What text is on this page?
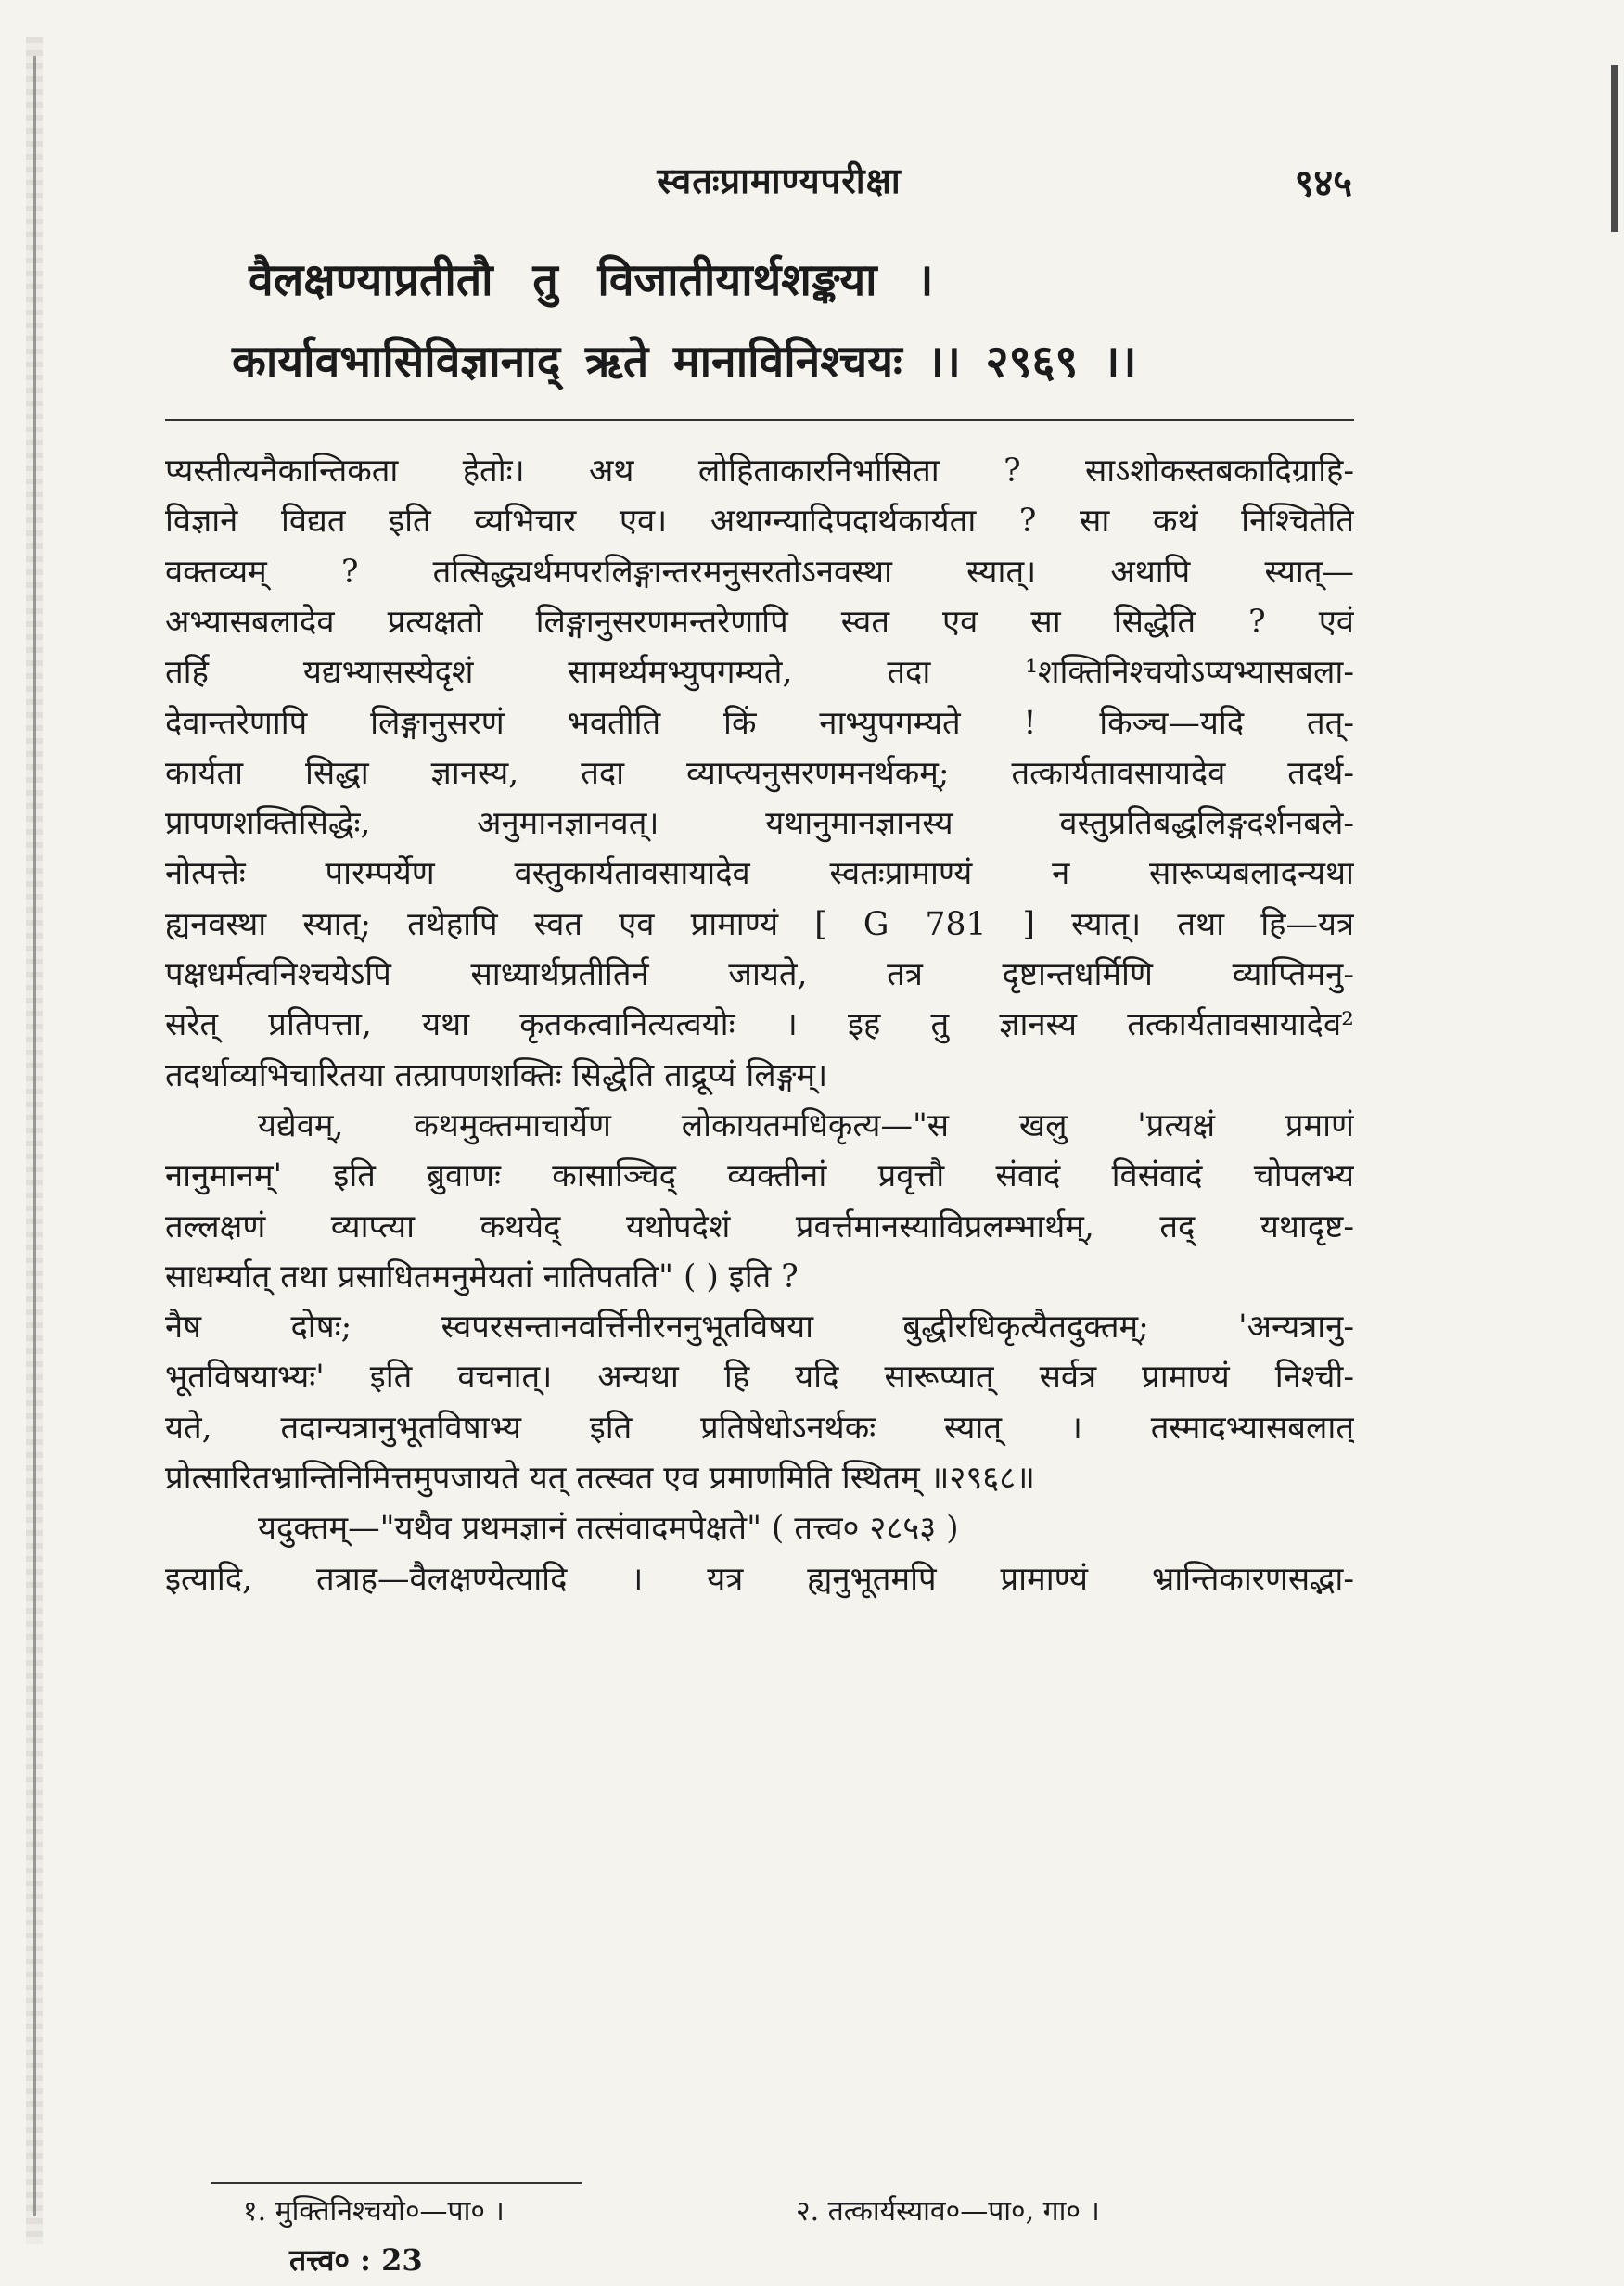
स्वतःप्रामाण्यपरीक्षा	९४५
वैलक्षण्याप्रतीतौ तु विजातीयार्थशङ्कया ।
कार्यावभासिविज्ञानाद् ऋते मानाविनिश्चयः ।। २९६९ ।।
प्यस्तीत्यनैकान्तिकता हेतोः। अथ लोहिताकारनिर्भासिता ? साऽशोकस्तबकादिग्राहि-
विज्ञाने विद्यत इति व्यभिचार एव। अथाग्न्यादिपदार्थकार्यता ? सा कथं निश्चितेति
वक्तव्यम् ? तत्सिद्ध्यर्थमपरलिङ्गान्तरमनुसरतोऽनवस्था स्यात्। अथापि स्यात्—
अभ्यासबलादेव प्रत्यक्षतो लिङ्गानुसरणमन्तरेणापि स्वत एव सा सिद्धेति ? एवं
तर्हि यद्यभ्यासस्येदृशं सामर्थ्यमभ्युपगम्यते, तदा ¹शक्तिनिश्चयोऽप्यभ्यासबला-
देवान्तरेणापि लिङ्गानुसरणं भवतीति किं नाभ्युपगम्यते ! किञ्च—यदि तत्-
कार्यता सिद्धा ज्ञानस्य, तदा व्याप्त्यनुसरणमनर्थकम्; तत्कार्यतावसायादेव तदर्थ-
प्रापणशक्तिसिद्धेः, अनुमानज्ञानवत्। यथानुमानज्ञानस्य वस्तुप्रतिबद्धलिङ्गदर्शनबले-
नोत्पत्तेः पारम्पर्येण वस्तुकार्यतावसायादेव स्वतःप्रामाण्यं न सारूप्यबलादन्यथा
ह्यनवस्था स्यात्; तथेहापि स्वत एव प्रामाण्यं [ G 781 ] स्यात्। तथा हि—यत्र
पक्षधर्मत्वनिश्चयेऽपि साध्यार्थप्रतीतिर्न जायते, तत्र दृष्टान्तधर्मिणि व्याप्तिमनु-
सरेत् प्रतिपत्ता, यथा कृतकत्वानित्यत्वयोः । इह तु ज्ञानस्य तत्कार्यतावसायादेव²
तदर्थाव्यभिचारितया तत्प्रापणशक्तिः सिद्धेति ताद्रूप्यं लिङ्गम्।
यद्येवम्, कथमुक्तमाचार्येण लोकायतमधिकृत्य—"स खलु 'प्रत्यक्षं प्रमाणं
नानुमानम्' इति ब्रुवाणः कासाञ्चिद् व्यक्तीनां प्रवृत्तौ संवादं विसंवादं चोपलभ्य
तल्लक्षणं व्याप्त्या कथयेद् यथोपदेशं प्रवर्त्तमानस्याविप्रलम्भार्थम्, तद् यथादृष्ट-
साधर्म्यात् तथा प्रसाधितमनुमेयतां नातिपतति" ( ) इति ?
नैष दोषः; स्वपरसन्तानवर्त्तिनीरननुभूतविषया बुद्धीरधिकृत्यैतदुक्तम्; 'अन्यत्रानु-
भूतविषयाभ्यः' इति वचनात्। अन्यथा हि यदि सारूप्यात् सर्वत्र प्रामाण्यं निश्ची-
यते, तदान्यत्रानुभूतविषाभ्य इति प्रतिषेधोऽनर्थकः स्यात् । तस्मादभ्यासबलात्
प्रोत्सारितभ्रान्तिनिमित्तमुपजायते यत् तत्स्वत एव प्रमाणमिति स्थितम् ॥२९६८॥
यदुक्तम्—"यथैव प्रथमज्ञानं तत्संवादमपेक्षते" ( तत्त्व० २८५३ )
इत्यादि, तत्राह—वैलक्षण्येत्यादि । यत्र ह्यनुभूतमपि प्रामाण्यं भ्रान्तिकारणसद्भा-
१. मुक्तिनिश्चयो०—पा० ।	२. तत्कार्यस्याव०—पा०, गा० ।
तत्त्व० : 23
